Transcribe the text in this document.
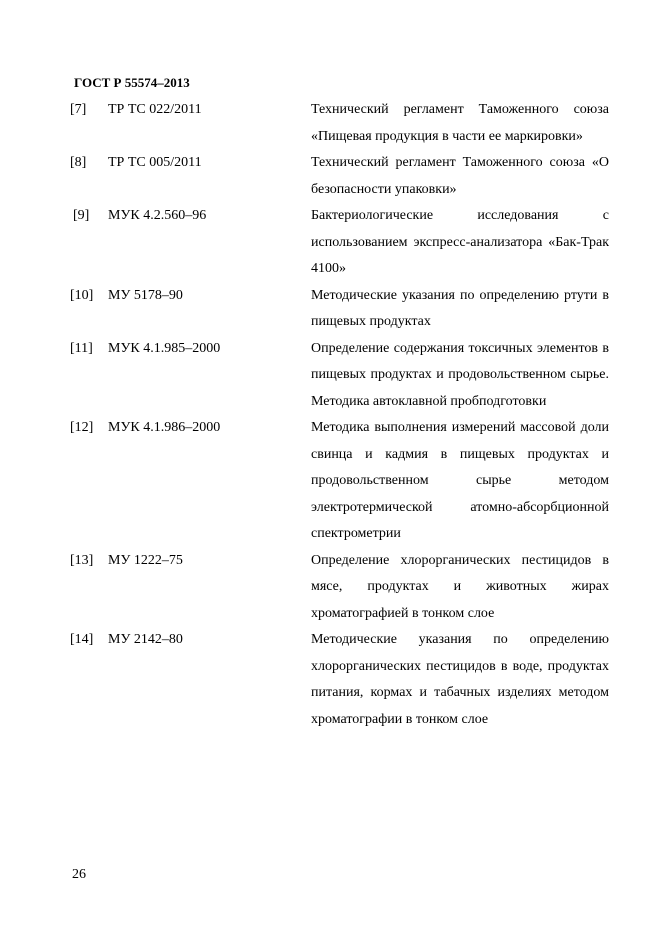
ГОСТ Р 55574–2013
[7]	ТР ТС 022/2011	Технический регламент Таможенного союза «Пищевая продукция в части ее маркировки»
[8]	ТР ТС 005/2011	Технический регламент Таможенного союза «О безопасности упаковки»
[9]	МУК 4.2.560–96	Бактериологические исследования с использованием экспресс-анализатора «Бак-Трак 4100»
[10]	МУ 5178–90	Методические указания по определению ртути в пищевых продуктах
[11]	МУК 4.1.985–2000	Определение содержания токсичных элементов в пищевых продуктах и продовольственном сырье. Методика автоклавной пробподготовки
[12]	МУК 4.1.986–2000	Методика выполнения измерений массовой доли свинца и кадмия в пищевых продуктах и продовольственном сырье методом электротермической атомно-абсорбционной спектрометрии
[13]	МУ 1222–75	Определение хлорорганических пестицидов в мясе, продуктах и животных жирах хроматографией в тонком слое
[14]	МУ 2142–80	Методические указания по определению хлорорганических пестицидов в воде, продуктах питания, кормах и табачных изделиях методом хроматографии в тонком слое
26
